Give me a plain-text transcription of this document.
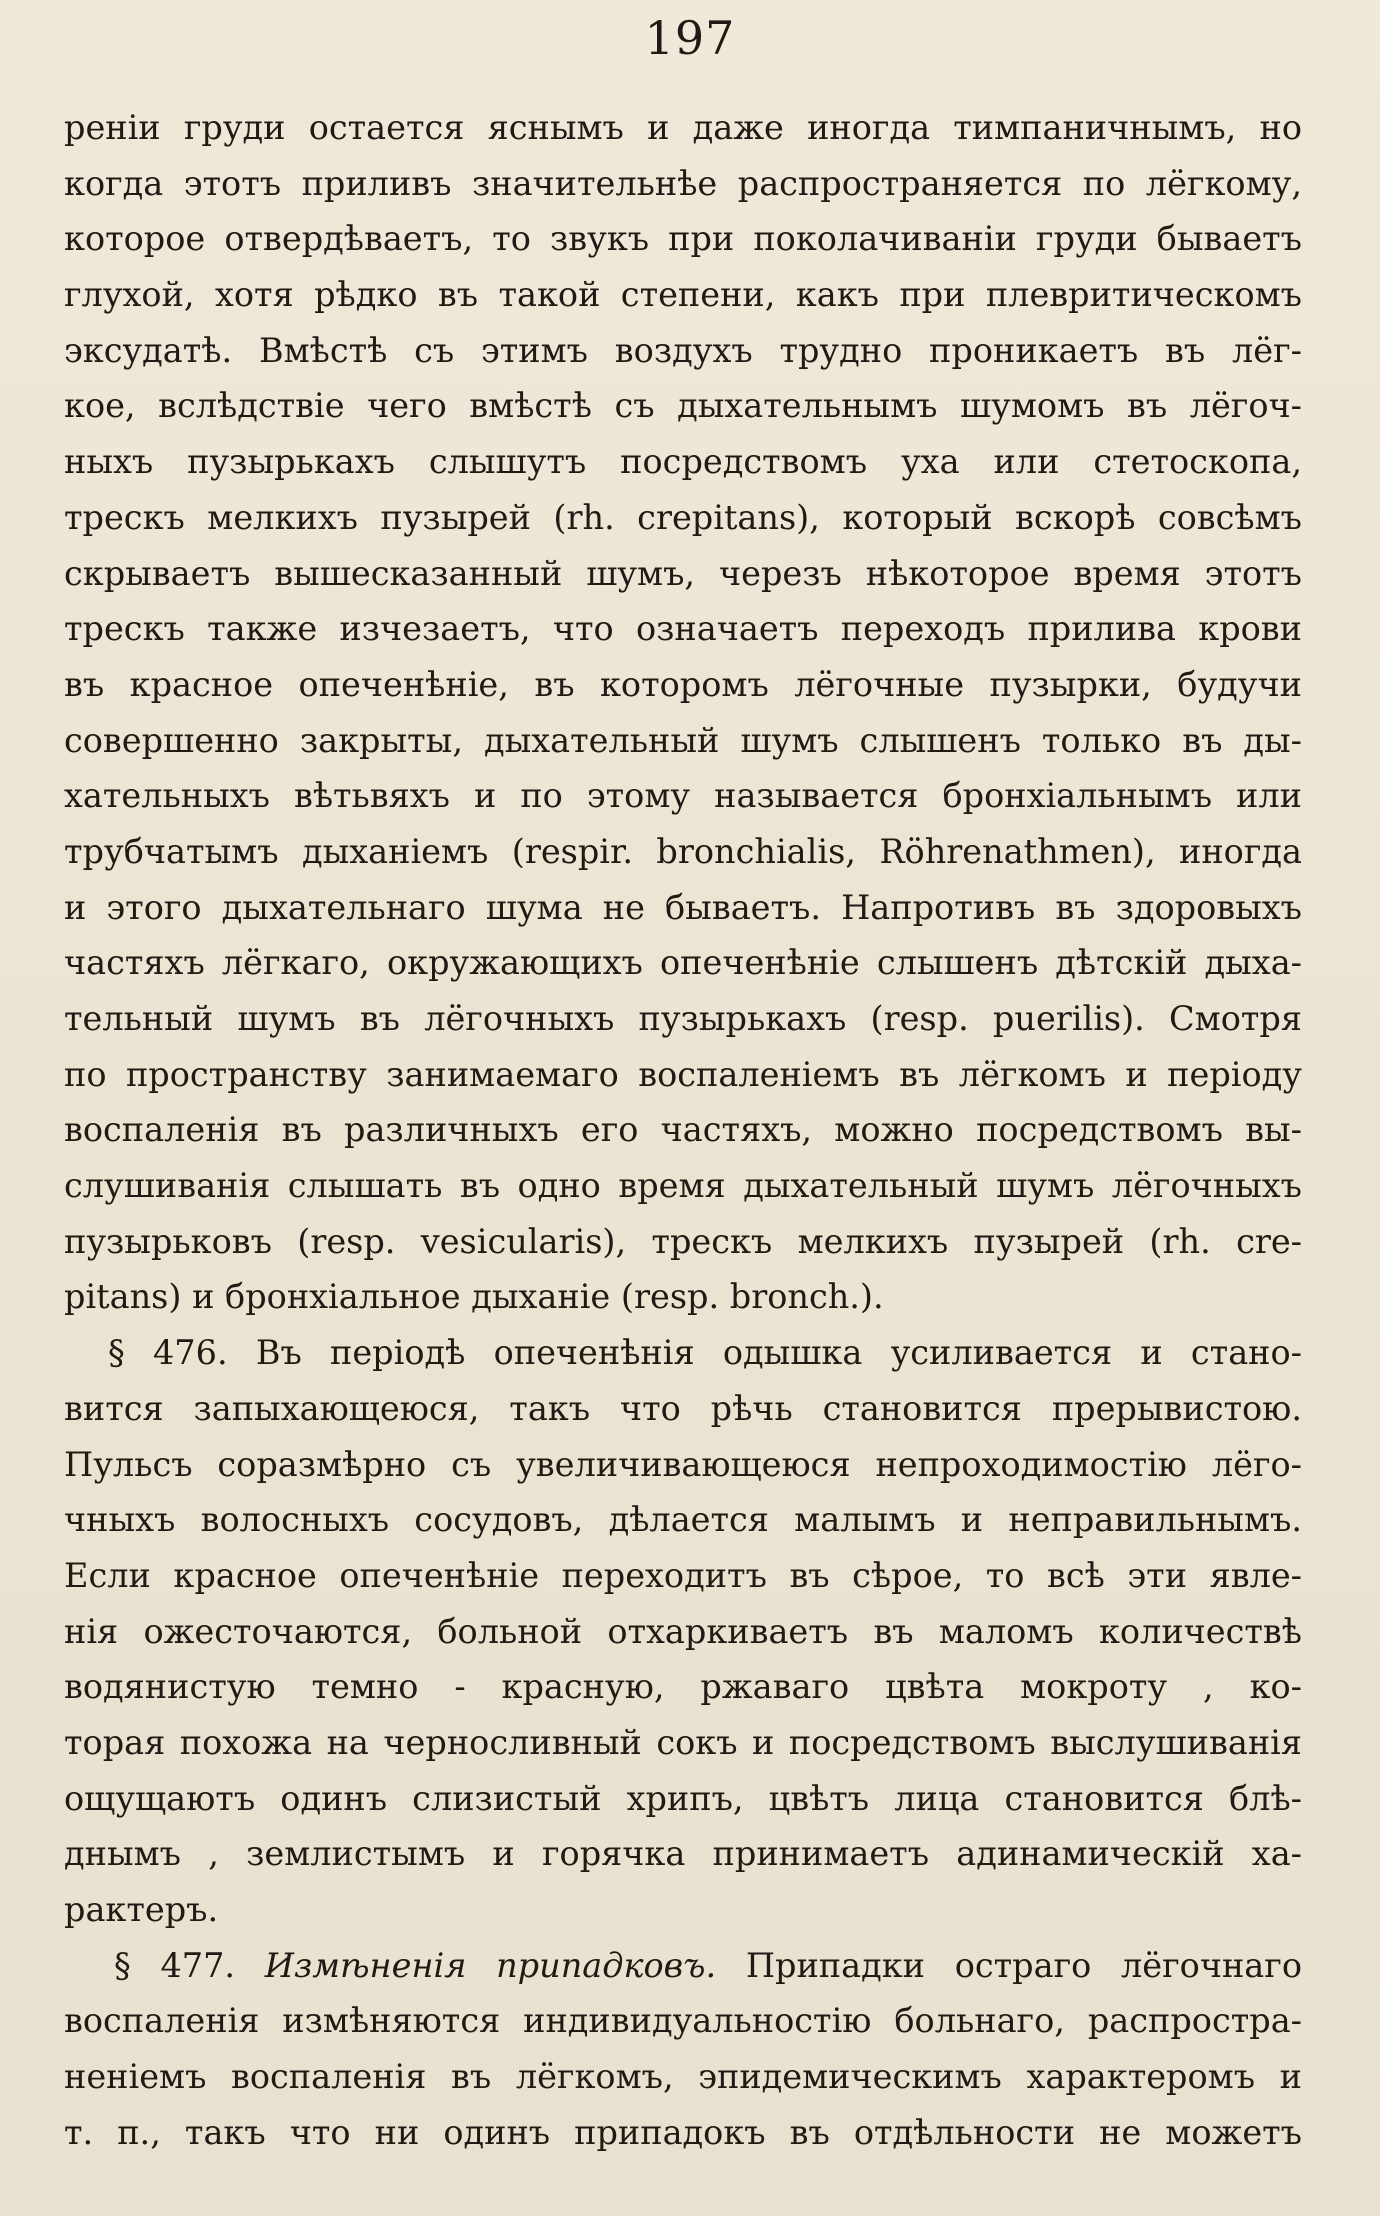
197
ренiи груди остается яснымъ и даже иногда тимпаничнымъ, но
когда этотъ приливъ значительнѣе распространяется по лёгкому,
которое отвердѣваетъ, то звукъ при поколачиванiи груди бываетъ
глухой, хотя рѣдко въ такой степени, какъ при плевритическомъ
эксудатѣ. Вмѣстѣ съ этимъ воздухъ трудно проникаетъ въ лёг-
кое, вслѣдствiе чего вмѣстѣ съ дыхательнымъ шумомъ въ лёгоч-
ныхъ пузырькахъ слышутъ посредствомъ уха или стетоскопа,
трескъ мелкихъ пузырей (rh. crepitans), который вскорѣ совсѣмъ
скрываетъ вышесказанный шумъ, черезъ нѣкоторое время этотъ
трескъ также изчезаетъ, что означаетъ переходъ прилива крови
въ красное опеченѣнiе, въ которомъ лёгочные пузырки, будучи
совершенно закрыты, дыхательный шумъ слышенъ только въ ды-
хательныхъ вѣтьвяхъ и по этому называется бронхiальнымъ или
трубчатымъ дыханiемъ (respir. bronchialis, Röhrenathmen), иногда
и этого дыхательнаго шума не бываетъ. Напротивъ въ здоровыхъ
частяхъ лёгкаго, окружающихъ опеченѣнiе слышенъ дѣтскiй дыха-
тельный шумъ въ лёгочныхъ пузырькахъ (resp. puerilis). Смотря
по пространству занимаемаго воспаленiемъ въ лёгкомъ и перiоду
воспаленiя въ различныхъ его частяхъ, можно посредствомъ вы-
слушиванiя слышать въ одно время дыхательный шумъ лёгочныхъ
пузырьковъ (resp. vesicularis), трескъ мелкихъ пузырей (rh. cre-
pitans) и бронхiальное дыханiе (resp. bronch.).
§ 476. Въ перiодѣ опеченѣнiя одышка усиливается и стано-
вится запыхающеюся, такъ что рѣчь становится прерывистою.
Пульсъ соразмѣрно съ увеличивающеюся непроходимостiю лёго-
чныхъ волосныхъ сосудовъ, дѣлается малымъ и неправильнымъ.
Если красное опеченѣнiе переходитъ въ сѣрое, то всѣ эти явле-
нiя ожесточаются, больной отхаркиваетъ въ маломъ количествѣ
водянистую темно - красную, ржаваго цвѣта мокроту , ко-
торая похожа на черносливный сокъ и посредствомъ выслушиванiя
ощущаютъ одинъ слизистый хрипъ, цвѣтъ лица становится блѣ-
днымъ , землистымъ и горячка принимаетъ адинамическiй ха-
рактеръ.
§ 477. Измѣненiя припадковъ. Припадки остраго лёгочнаго
воспаленiя измѣняются индивидуальностiю больнаго, распростра-
ненiемъ воспаленiя въ лёгкомъ, эпидемическимъ характеромъ и
т. п., такъ что ни одинъ припадокъ въ отдѣльности не можетъ
